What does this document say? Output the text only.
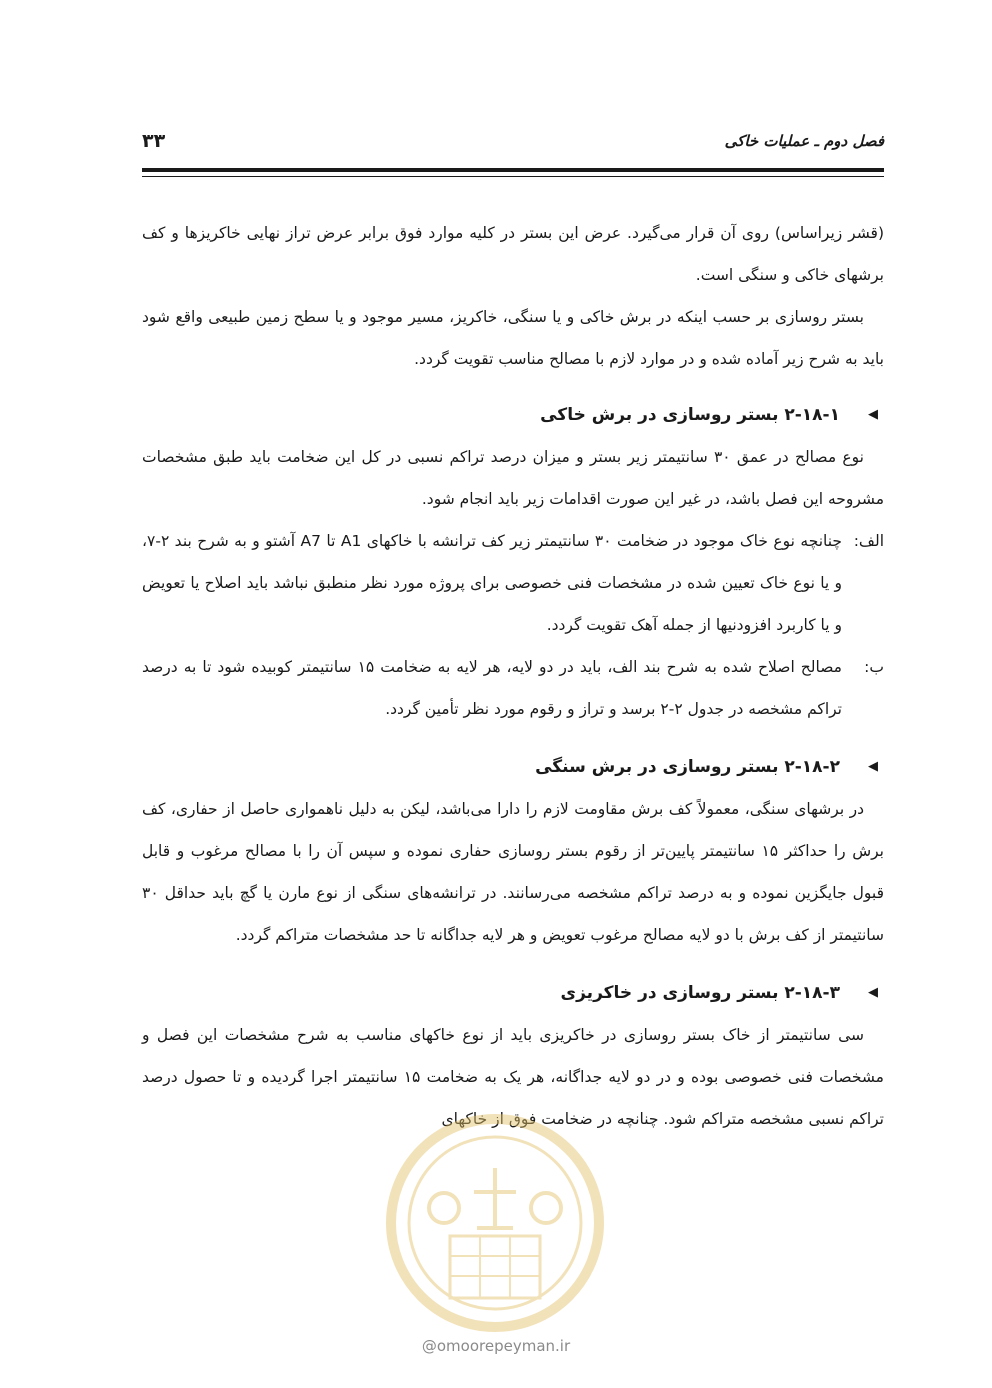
فصل دوم ـ عملیات خاکی
۳۳

(قشر زیراساس) روی آن قرار می‌گیرد. عرض این بستر در کلیه موارد فوق برابر عرض تراز نهایی خاکریزها و کف برشهای خاکی و سنگی است.

بستر روسازی بر حسب اینکه در برش خاکی و یا سنگی، خاکریز، مسیر موجود و یا سطح زمین طبیعی واقع شود باید به شرح زیر آماده شده و در موارد لازم با مصالح مناسب تقویت گردد.

◀
۲-۱۸-۱ بستر روسازی در برش خاکی

نوع مصالح در عمق ۳۰ سانتیمتر زیر بستر و میزان درصد تراکم نسبی در کل این ضخامت باید طبق مشخصات مشروحه این فصل باشد، در غیر این صورت اقدامات زیر باید انجام شود.

الف:
چنانچه نوع خاک موجود در ضخامت ۳۰ سانتیمتر زیر کف ترانشه با خاکهای A1 تا A7 آشتو و به شرح بند ۲-۷، و یا نوع خاک تعیین شده در مشخصات فنی خصوصی برای پروژه مورد نظر منطبق نباشد باید اصلاح یا تعویض و یا کاربرد افزودنیها از جمله آهک تقویت گردد.
ب:
مصالح اصلاح شده به شرح بند الف، باید در دو لایه، هر لایه به ضخامت ۱۵ سانتیمتر کوبیده شود تا به درصد تراکم مشخصه در جدول ۲-۲ برسد و تراز و رقوم مورد نظر تأمین گردد.
◀
۲-۱۸-۲ بستر روسازی در برش سنگی

در برشهای سنگی، معمولاً کف برش مقاومت لازم را دارا می‌باشد، لیکن به دلیل ناهمواری حاصل از حفاری، کف برش را حداکثر ۱۵ سانتیمتر پایین‌تر از رقوم بستر روسازی حفاری نموده و سپس آن را با مصالح مرغوب و قابل قبول جایگزین نموده و به درصد تراکم مشخصه می‌رسانند. در ترانشه‌های سنگی از نوع مارن یا گچ باید حداقل ۳۰ سانتیمتر از کف برش با دو لایه مصالح مرغوب تعویض و هر لایه جداگانه تا حد مشخصات متراکم گردد.

◀
۲-۱۸-۳ بستر روسازی در خاکریزی

سی سانتیمتر از خاک بستر روسازی در خاکریزی باید از نوع خاکهای مناسب به شرح مشخصات این فصل و مشخصات فنی خصوصی بوده و در دو لایه جداگانه، هر یک به ضخامت ۱۵ سانتیمتر اجرا گردیده و تا حصول درصد تراکم نسبی مشخصه متراکم شود. چنانچه در ضخامت فوق از خاکهای

@omoorepeyman.ir
